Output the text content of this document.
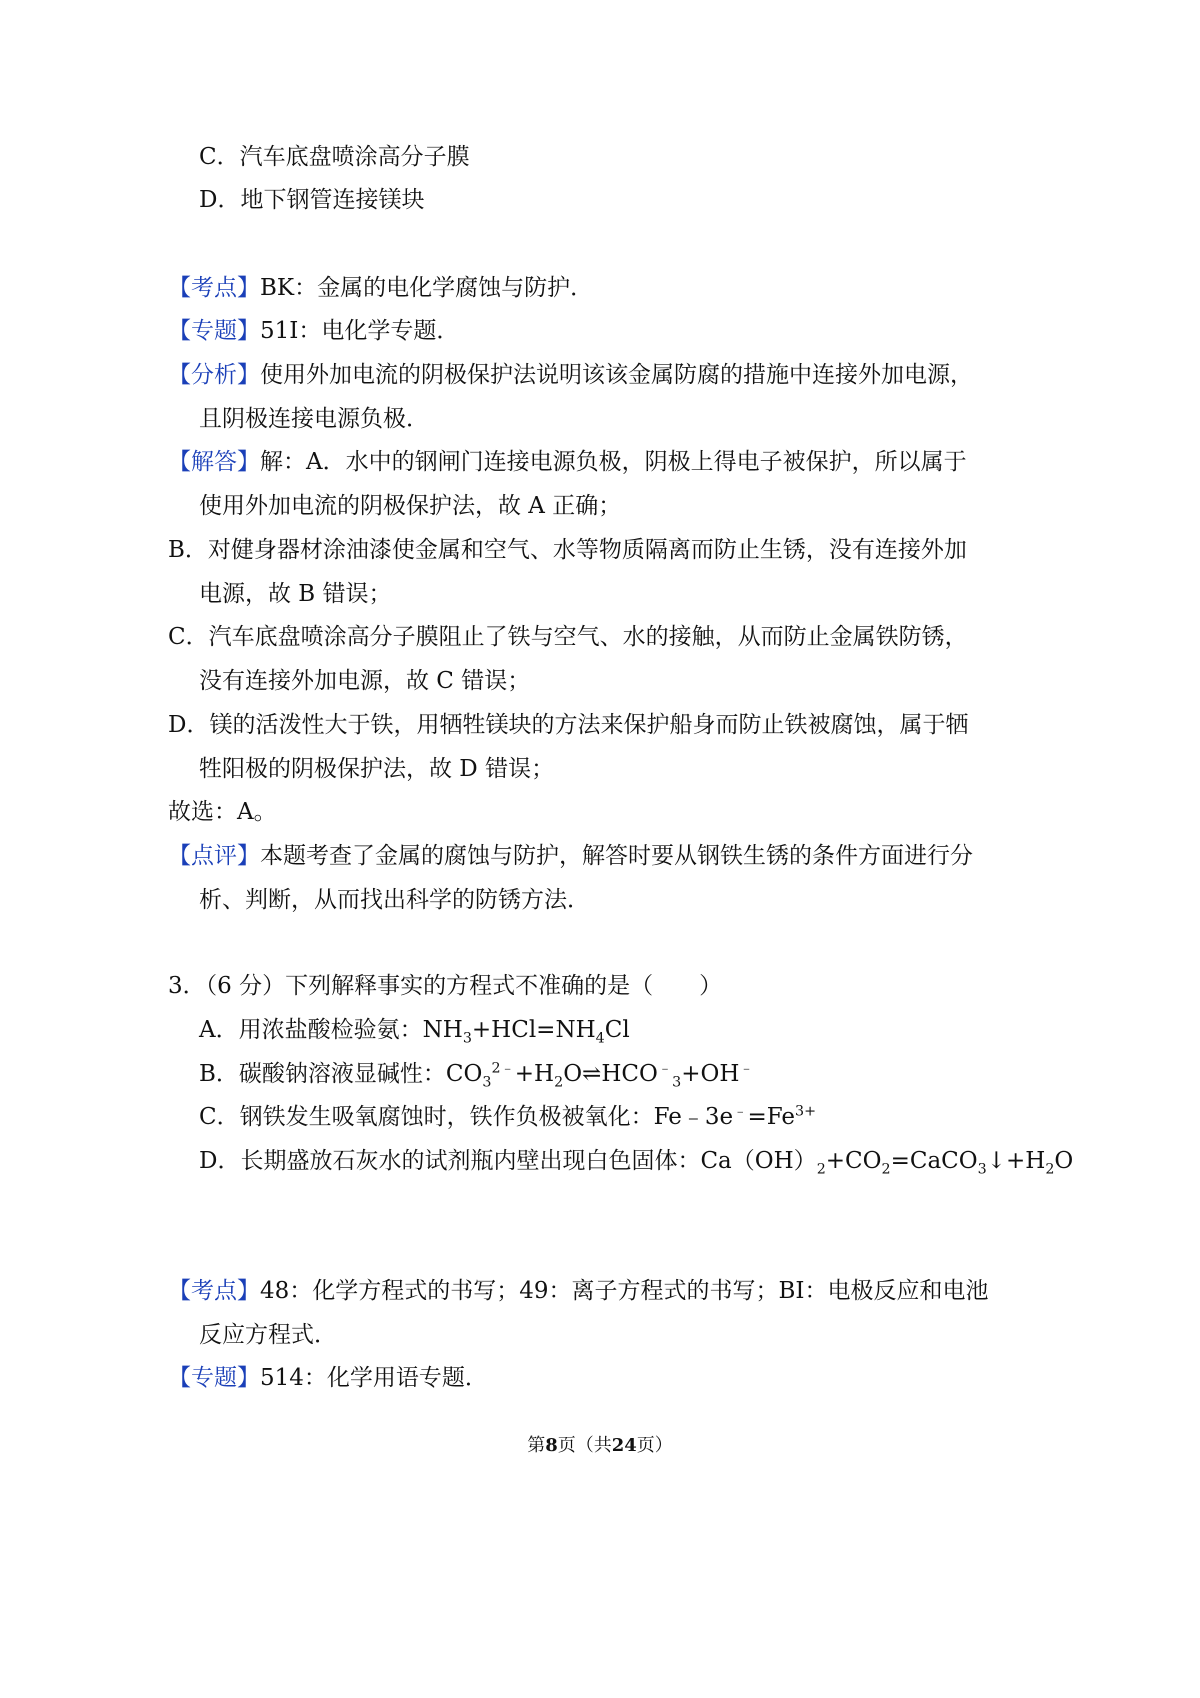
C．汽车底盘喷涂高分子膜
D．地下钢管连接镁块
【考点】BK：金属的电化学腐蚀与防护．
【专题】51I：电化学专题．
【分析】使用外加电流的阴极保护法说明该该金属防腐的措施中连接外加电源，
且阴极连接电源负极．
【解答】解：A．水中的钢闸门连接电源负极，阴极上得电子被保护，所以属于
使用外加电流的阴极保护法，故 A 正确；
B．对健身器材涂油漆使金属和空气、水等物质隔离而防止生锈，没有连接外加
电源，故 B 错误；
C．汽车底盘喷涂高分子膜阻止了铁与空气、水的接触，从而防止金属铁防锈，
没有连接外加电源，故 C 错误；
D．镁的活泼性大于铁，用牺牲镁块的方法来保护船身而防止铁被腐蚀，属于牺
牲阳极的阴极保护法，故 D 错误；
故选：A。
【点评】本题考查了金属的腐蚀与防护，解答时要从钢铁生锈的条件方面进行分
析、判断，从而找出科学的防锈方法．
3．（6 分）下列解释事实的方程式不准确的是（　　）
A．用浓盐酸检验氨：$NH_3+HCl=NH_4Cl$
B．碳酸钠溶液显碱性：$CO_3^{2﹣}+H_2O\rightleftharpoons HCO^﹣_3+OH^﹣$
C．钢铁发生吸氧腐蚀时，铁作负极被氧化：$Fe﹣3e^﹣=Fe^{3+}$
D．长期盛放石灰水的试剂瓶内壁出现白色固体：$Ca(OH)_2+CO_2=CaCO_3↓+H_2O$
【考点】48：化学方程式的书写；49：离子方程式的书写；BI：电极反应和电池
反应方程式．
【专题】514：化学用语专题．
第8页（共24页）
